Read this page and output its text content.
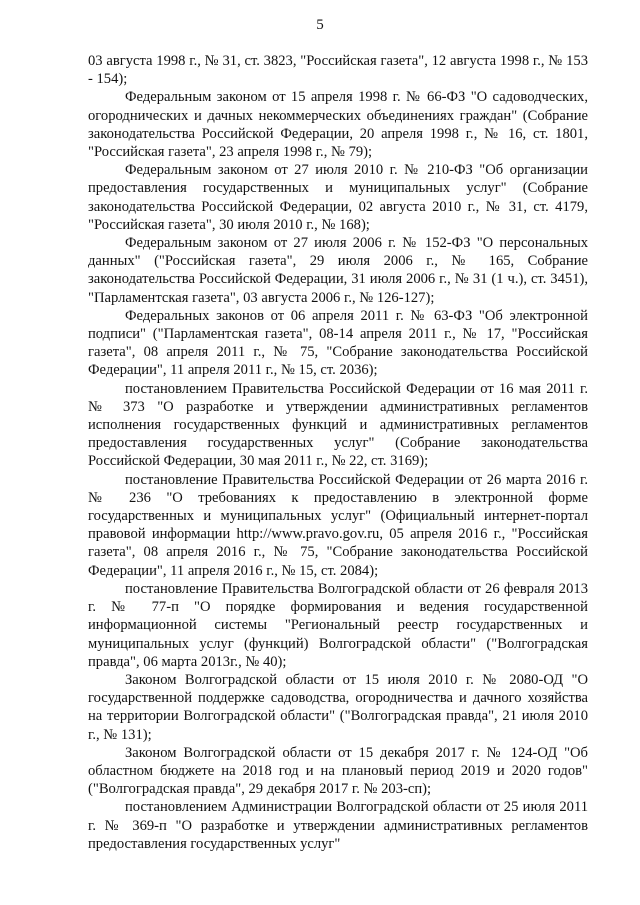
5

03 августа 1998 г., № 31, ст. 3823, "Российская газета", 12 августа 1998 г., № 153 - 154);

Федеральным законом от 15 апреля 1998 г. № 66-ФЗ "О садоводческих, огороднических и дачных некоммерческих объединениях граждан" (Собрание законодательства Российской Федерации, 20 апреля 1998 г., № 16, ст. 1801, "Российская газета", 23 апреля 1998 г., № 79);

Федеральным законом от 27 июля 2010 г. № 210-ФЗ "Об организации предоставления государственных и муниципальных услуг" (Собрание законодательства Российской Федерации, 02 августа 2010 г., № 31, ст. 4179, "Российская газета", 30 июля 2010 г., № 168);

Федеральным законом от 27 июля 2006 г. № 152-ФЗ "О персональных данных" ("Российская газета", 29 июля 2006 г., № 165, Собрание законодательства Российской Федерации, 31 июля 2006 г., № 31 (1 ч.), ст. 3451), "Парламентская газета", 03 августа 2006 г., № 126-127);

Федеральных законов от 06 апреля 2011 г. № 63-ФЗ "Об электронной подписи" ("Парламентская газета", 08-14 апреля 2011 г., № 17, "Российская газета", 08 апреля 2011 г., № 75, "Собрание законодательства Российской Федерации", 11 апреля 2011 г., № 15, ст. 2036);

постановлением Правительства Российской Федерации от 16 мая 2011 г. № 373 "О разработке и утверждении административных регламентов исполнения государственных функций и административных регламентов предоставления государственных услуг" (Собрание законодательства Российской Федерации, 30 мая 2011 г., № 22, ст. 3169);

постановление Правительства Российской Федерации от 26 марта 2016 г. № 236 "О требованиях к предоставлению в электронной форме государственных и муниципальных услуг" (Официальный интернет-портал правовой информации http://www.pravo.gov.ru, 05 апреля 2016 г., "Российская газета", 08 апреля 2016 г., № 75, "Собрание законодательства Российской Федерации", 11 апреля 2016 г., № 15, ст. 2084);

постановление Правительства Волгоградской области от 26 февраля 2013 г. № 77-п "О порядке формирования и ведения государственной информационной системы "Региональный реестр государственных и муниципальных услуг (функций) Волгоградской области" ("Волгоградская правда", 06 марта 2013г., № 40);

Законом Волгоградской области от 15 июля 2010 г. № 2080-ОД "О государственной поддержке садоводства, огородничества и дачного хозяйства на территории Волгоградской области" ("Волгоградская правда", 21 июля 2010 г., № 131);

Законом Волгоградской области от 15 декабря 2017 г. № 124-ОД "Об областном бюджете на 2018 год и на плановый период 2019 и 2020 годов" ("Волгоградская правда", 29 декабря 2017 г. № 203-сп);

постановлением Администрации Волгоградской области от 25 июля 2011 г. № 369-п "О разработке и утверждении административных регламентов предоставления государственных услуг"
